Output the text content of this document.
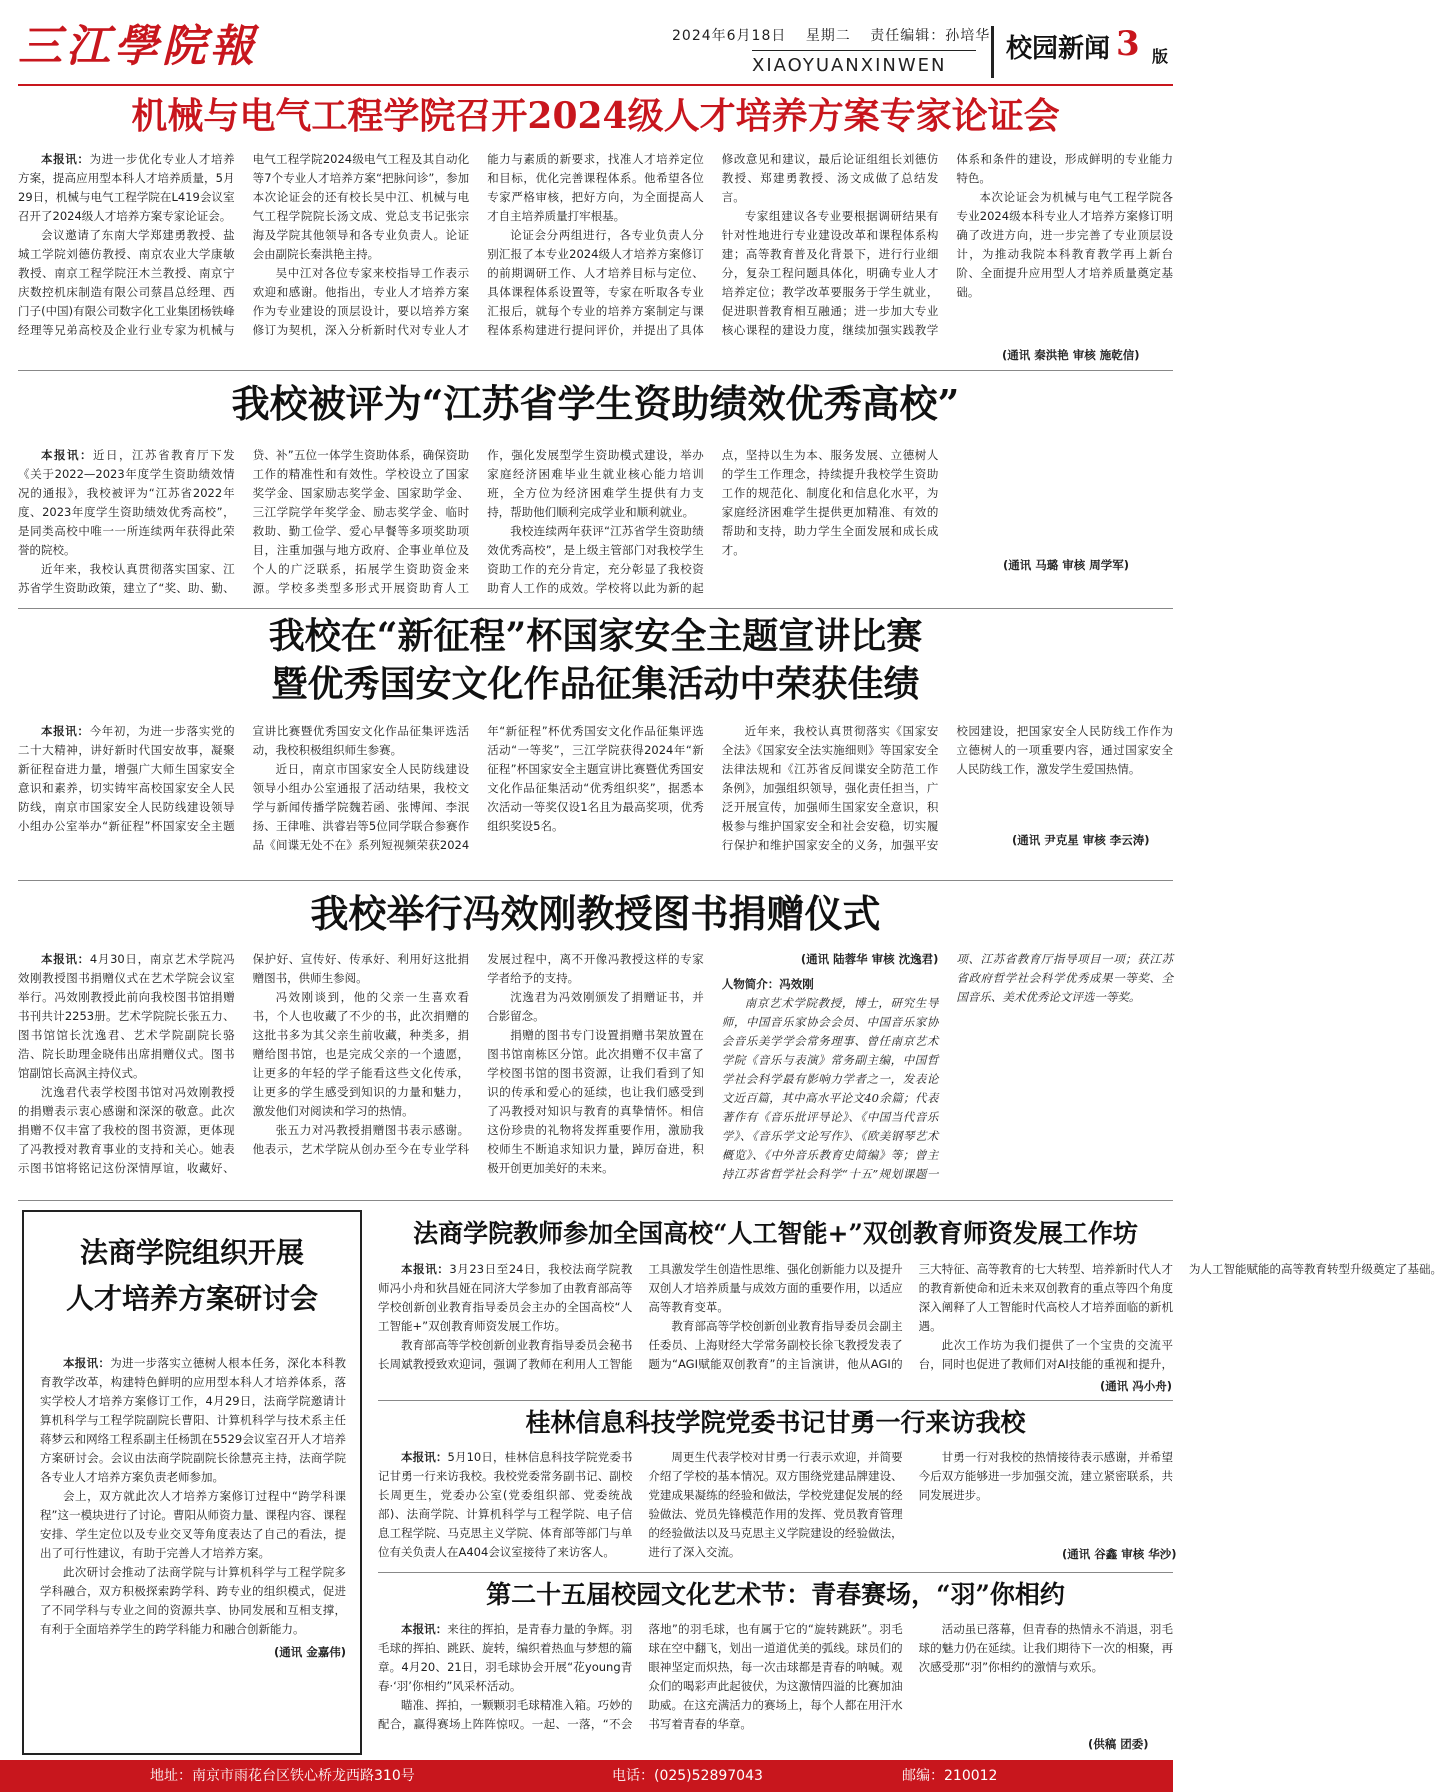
三江學院報	2024年6月18日 星期二 责任编辑：孙培华
XIAOYUANXINWEN
校园新闻 3 版
机械与电气工程学院召开2024级人才培养方案专家论证会

本报讯：为进一步优化专业人才培养方案，提高应用型本科人才培养质量，5月29日，机械与电气工程学院在L419会议室召开了2024级人才培养方案专家论证会。

会议邀请了东南大学郑建勇教授、盐城工学院刘德仿教授、南京农业大学康敏教授、南京工程学院汪木兰教授、南京宁庆数控机床制造有限公司蔡昌总经理、西门子(中国)有限公司数字化工业集团杨铁峰经理等兄弟高校及企业行业专家为机械与电气工程学院2024级电气工程及其自动化等7个专业人才培养方案“把脉问诊”，参加本次论证会的还有校长吴中江、机械与电气工程学院院长汤文成、党总支书记张宗海及学院其他领导和各专业负责人。论证会由副院长秦洪艳主持。

吴中江对各位专家来校指导工作表示欢迎和感谢。他指出，专业人才培养方案作为专业建设的顶层设计，要以培养方案修订为契机，深入分析新时代对专业人才能力与素质的新要求，找准人才培养定位和目标，优化完善课程体系。他希望各位专家严格审核，把好方向，为全面提高人才自主培养质量打牢根基。

论证会分两组进行，各专业负责人分别汇报了本专业2024级人才培养方案修订的前期调研工作、人才培养目标与定位、具体课程体系设置等，专家在听取各专业汇报后，就每个专业的培养方案制定与课程体系构建进行提问评价，并提出了具体修改意见和建议，最后论证组组长刘德仿教授、郑建勇教授、汤文成做了总结发言。

专家组建议各专业要根据调研结果有针对性地进行专业建设改革和课程体系构建；高等教育普及化背景下，进行行业细分，复杂工程问题具体化，明确专业人才培养定位；教学改革要服务于学生就业，促进职普教育相互融通；进一步加大专业核心课程的建设力度，继续加强实践教学体系和条件的建设，形成鲜明的专业能力特色。

本次论证会为机械与电气工程学院各专业2024级本科专业人才培养方案修订明确了改进方向，进一步完善了专业顶层设计，为推动我院本科教育教学再上新台阶、全面提升应用型人才培养质量奠定基础。

(通讯 秦洪艳 审核 施乾信)
我校被评为“江苏省学生资助绩效优秀高校”

本报讯：近日，江苏省教育厅下发《关于2022—2023年度学生资助绩效情况的通报》，我校被评为“江苏省2022年度、2023年度学生资助绩效优秀高校”，是同类高校中唯一一所连续两年获得此荣誉的院校。

近年来，我校认真贯彻落实国家、江苏省学生资助政策，建立了“奖、助、勤、贷、补”五位一体学生资助体系，确保资助工作的精准性和有效性。学校设立了国家奖学金、国家励志奖学金、国家助学金、三江学院学年奖学金、励志奖学金、临时救助、勤工俭学、爱心早餐等多项奖助项目，注重加强与地方政府、企事业单位及个人的广泛联系，拓展学生资助资金来源。学校多类型多形式开展资助育人工作，强化发展型学生资助模式建设，举办家庭经济困难毕业生就业核心能力培训班，全方位为经济困难学生提供有力支持，帮助他们顺利完成学业和顺利就业。

我校连续两年获评“江苏省学生资助绩效优秀高校”，是上级主管部门对我校学生资助工作的充分肯定，充分彰显了我校资助育人工作的成效。学校将以此为新的起点，坚持以生为本、服务发展、立德树人的学生工作理念，持续提升我校学生资助工作的规范化、制度化和信息化水平，为家庭经济困难学生提供更加精准、有效的帮助和支持，助力学生全面发展和成长成才。

(通讯 马璐 审核 周学军)
我校在“新征程”杯国家安全主题宣讲比赛
暨优秀国安文化作品征集活动中荣获佳绩

本报讯：今年初，为进一步落实党的二十大精神，讲好新时代国安故事，凝聚新征程奋进力量，增强广大师生国家安全意识和素养，切实铸牢高校国家安全人民防线，南京市国家安全人民防线建设领导小组办公室举办“新征程”杯国家安全主题宣讲比赛暨优秀国安文化作品征集评选活动，我校积极组织师生参赛。

近日，南京市国家安全人民防线建设领导小组办公室通报了活动结果，我校文学与新闻传播学院魏若函、张博闻、李泯扬、王律唯、洪睿岩等5位同学联合参赛作品《间谍无处不在》系列短视频荣获2024年“新征程”杯优秀国安文化作品征集评选活动“一等奖”，三江学院获得2024年“新征程”杯国家安全主题宣讲比赛暨优秀国安文化作品征集活动“优秀组织奖”，据悉本次活动一等奖仅设1名且为最高奖项，优秀组织奖设5名。

近年来，我校认真贯彻落实《国家安全法》《国家安全法实施细则》等国家安全法律法规和《江苏省反间谍安全防范工作条例》，加强组织领导，强化责任担当，广泛开展宣传，加强师生国家安全意识，积极参与维护国家安全和社会安稳，切实履行保护和维护国家安全的义务，加强平安校园建设，把国家安全人民防线工作作为立德树人的一项重要内容，通过国家安全人民防线工作，激发学生爱国热情。

(通讯 尹克星 审核 李云涛)
我校举行冯效刚教授图书捐赠仪式

本报讯：4月30日，南京艺术学院冯效刚教授图书捐赠仪式在艺术学院会议室举行。冯效刚教授此前向我校图书馆捐赠书刊共计2253册。艺术学院院长张五力、图书馆馆长沈逸君、艺术学院副院长骆浩、院长助理金晓伟出席捐赠仪式。图书馆副馆长高沨主持仪式。

沈逸君代表学校图书馆对冯效刚教授的捐赠表示衷心感谢和深深的敬意。此次捐赠不仅丰富了我校的图书资源，更体现了冯教授对教育事业的支持和关心。她表示图书馆将铭记这份深情厚谊，收藏好、保护好、宣传好、传承好、利用好这批捐赠图书，供师生参阅。

冯效刚谈到，他的父亲一生喜欢看书，个人也收藏了不少的书，此次捐赠的这批书多为其父亲生前收藏，种类多，捐赠给图书馆，也是完成父亲的一个遗愿，让更多的年轻的学子能看这些文化传承，让更多的学生感受到知识的力量和魅力，激发他们对阅读和学习的热情。

张五力对冯教授捐赠图书表示感谢。他表示，艺术学院从创办至今在专业学科发展过程中，离不开像冯教授这样的专家学者给予的支持。

沈逸君为冯效刚颁发了捐赠证书，并合影留念。

捐赠的图书专门设置捐赠书架放置在图书馆南栋区分馆。此次捐赠不仅丰富了学校图书馆的图书资源，让我们看到了知识的传承和爱心的延续，也让我们感受到了冯教授对知识与教育的真挚情怀。相信这份珍贵的礼物将发挥重要作用，激励我校师生不断追求知识力量，踔厉奋进，积极开创更加美好的未来。

(通讯 陆蓉华 审核 沈逸君)

人物简介：冯效刚

南京艺术学院教授，博士，研究生导师，中国音乐家协会会员、中国音乐家协会音乐美学学会常务理事、曾任南京艺术学院《音乐与表演》常务副主编，中国哲学社会科学最有影响力学者之一，发表论文近百篇，其中高水平论文40余篇；代表著作有《音乐批评导论》、《中国当代音乐学》、《音乐学文论写作》、《欧美钢琴艺术概览》、《中外音乐教育史简编》等；曾主持江苏省哲学社会科学“十五”规划课题一项、江苏省教育厅指导项目一项；获江苏省政府哲学社会科学优秀成果一等奖、全国音乐、美术优秀论文评选一等奖。

法商学院组织开展
人才培养方案研讨会

本报讯：为进一步落实立德树人根本任务，深化本科教育教学改革，构建特色鲜明的应用型本科人才培养体系，落实学校人才培养方案修订工作，4月29日，法商学院邀请计算机科学与工程学院副院长曹阳、计算机科学与技术系主任蒋梦云和网络工程系副主任杨凯在5529会议室召开人才培养方案研讨会。会议由法商学院副院长徐慧亮主持，法商学院各专业人才培养方案负责老师参加。

会上，双方就此次人才培养方案修订过程中“跨学科课程”这一模块进行了讨论。曹阳从师资力量、课程内容、课程安排、学生定位以及专业交叉等角度表达了自己的看法，提出了可行性建议，有助于完善人才培养方案。

此次研讨会推动了法商学院与计算机科学与工程学院多学科融合，双方积极探索跨学科、跨专业的组织模式，促进了不同学科与专业之间的资源共享、协同发展和互相支撑，有利于全面培养学生的跨学科能力和融合创新能力。

(通讯 金嘉伟)

法商学院教师参加全国高校“人工智能+”双创教育师资发展工作坊

本报讯：3月23日至24日，我校法商学院教师冯小舟和狄昌娅在同济大学参加了由教育部高等学校创新创业教育指导委员会主办的全国高校“人工智能+”双创教育师资发展工作坊。

教育部高等学校创新创业教育指导委员会秘书长周斌教授致欢迎词，强调了教师在利用人工智能工具激发学生创造性思维、强化创新能力以及提升双创人才培养质量与成效方面的重要作用，以适应高等教育变革。

教育部高等学校创新创业教育指导委员会副主任委员、上海财经大学常务副校长徐飞教授发表了题为“AGI赋能双创教育”的主旨演讲，他从AGI的三大特征、高等教育的七大转型、培养新时代人才的教育新使命和近未来双创教育的重点等四个角度深入阐释了人工智能时代高校人才培养面临的新机遇。

此次工作坊为我们提供了一个宝贵的交流平台，同时也促进了教师们对AI技能的重视和提升，为人工智能赋能的高等教育转型升级奠定了基础。

(通讯 冯小舟)
桂林信息科技学院党委书记甘勇一行来访我校

本报讯：5月10日，桂林信息科技学院党委书记甘勇一行来访我校。我校党委常务副书记、副校长周更生，党委办公室(党委组织部、党委统战部)、法商学院、计算机科学与工程学院、电子信息工程学院、马克思主义学院、体育部等部门与单位有关负责人在A404会议室接待了来访客人。

周更生代表学校对甘勇一行表示欢迎，并简要介绍了学校的基本情况。双方围绕党建品牌建设、党建成果凝练的经验和做法，学校党建促发展的经验做法、党员先锋模范作用的发挥、党员教育管理的经验做法以及马克思主义学院建设的经验做法，进行了深入交流。

甘勇一行对我校的热情接待表示感谢，并希望今后双方能够进一步加强交流，建立紧密联系，共同发展进步。

(通讯 谷鑫 审核 华沙)
第二十五届校园文化艺术节：青春赛场，“羽”你相约

本报讯：来往的挥拍，是青春力量的争辉。羽毛球的挥拍、跳跃、旋转，编织着热血与梦想的篇章。4月20、21日，羽毛球协会开展“花young青春·‘羽’你相约”风采杯活动。

瞄准、挥拍，一颗颗羽毛球精准入箱。巧妙的配合，赢得赛场上阵阵惊叹。一起、一落，“不会落地”的羽毛球，也有属于它的“旋转跳跃”。羽毛球在空中翻飞，划出一道道优美的弧线。球员们的眼神坚定而炽热，每一次击球都是青春的呐喊。观众们的喝彩声此起彼伏，为这激情四溢的比赛加油助威。在这充满活力的赛场上，每个人都在用汗水书写着青春的华章。

活动虽已落幕，但青春的热情永不消退，羽毛球的魅力仍在延续。让我们期待下一次的相聚，再次感受那“羽”你相约的激情与欢乐。

(供稿 团委)
地址：南京市雨花台区铁心桥龙西路310号	电话：(025)52897043	邮编：210012
